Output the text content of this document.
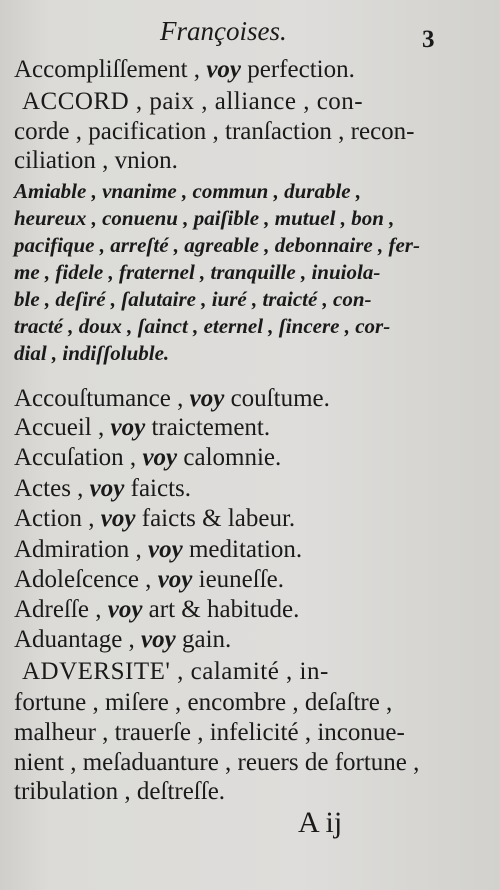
Françoises.	3
Accompliſſement , voy perfection.
ACCORD , paix , alliance , con-
corde , pacification , tranſaction , recon-
ciliation , vnion.
Amiable , vnanime , commun , durable ,
heureux , conuenu , paiſible , mutuel , bon ,
pacifique , arreſté , agreable , debonnaire , fer-
me , fidele , fraternel , tranquille , inuiola-
ble , deſiré , ſalutaire , iuré , traicté , con-
tracté , doux , ſainct , eternel , ſincere , cor-
dial , indiſſoluble.
Accouſtumance , voy couſtume.
Accueil , voy traictement.
Accuſation , voy calomnie.
Actes , voy faicts.
Action , voy faicts & labeur.
Admiration , voy meditation.
Adoleſcence , voy ieuneſſe.
Adreſſe , voy art & habitude.
Aduantage , voy gain.
ADVERSITE' , calamité , in-
fortune , miſere , encombre , deſaſtre ,
malheur , trauerſe , infelicité , inconue-
nient , meſaduanture , reuers de fortune ,
tribulation , deſtreſſe.
A ij
